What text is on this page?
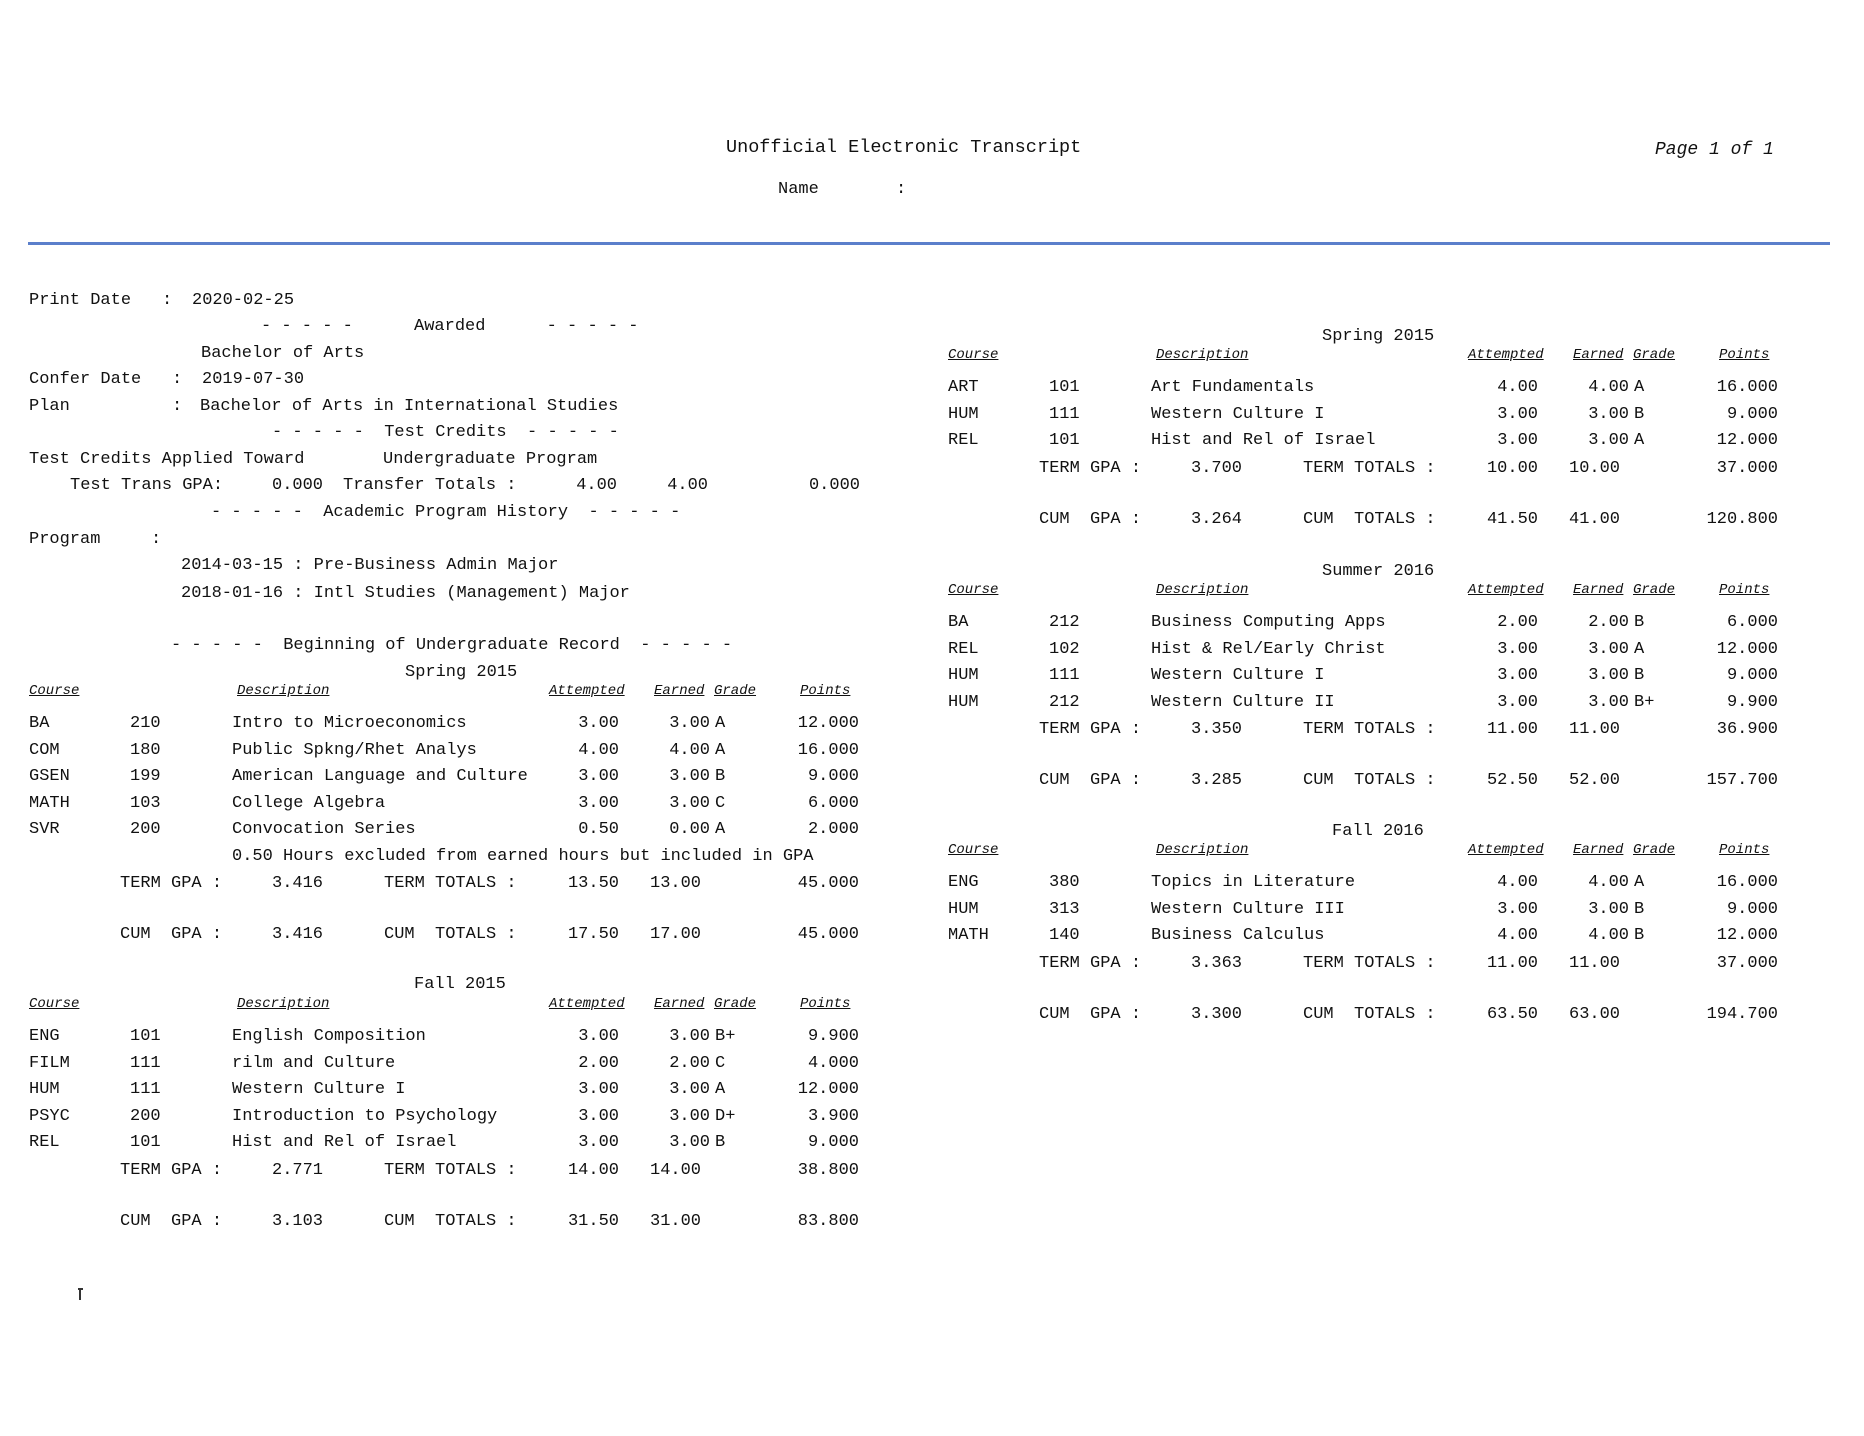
Unofficial Electronic Transcript	Page 1 of 1
Name	:
Print Date : 2020-02-25
- - - - -      Awarded      - - - - -
Bachelor of Arts
Confer Date : 2019-07-30
Plan	: Bachelor of Arts in International Studies
- - - - -  Test Credits  - - - - -
Test Credits Applied Toward	Undergraduate Program
Test Trans GPA:	0.000 Transfer Totals :	4.00	4.00	0.000
- - - - -  Academic Program History  - - - - -
Program	:
2014-03-15 : Pre-Business Admin Major
2018-01-16 : Intl Studies (Management) Major
- - - - -  Beginning of Undergraduate Record  - - - - -
Spring 2015
Course	Description	Attempted Earned Grade	Points
BA	210	Intro to Microeconomics	3.00	3.00 A	12.000
COM	180	Public Spkng/Rhet Analys	4.00	4.00 A	16.000
GSEN	199	American Language and Culture	3.00	3.00 B	9.000
MATH	103	College Algebra	3.00	3.00 C	6.000
SVR	200	Convocation Series	0.50	0.00 A	2.000
0.50 Hours excluded from earned hours but included in GPA
TERM GPA :	3.416	TERM TOTALS :	13.50 13.00	45.000
CUM  GPA :	3.416	CUM  TOTALS :	17.50 17.00	45.000
Fall 2015
Course	Description	Attempted Earned Grade	Points
ENG	101	English Composition	3.00	3.00 B+	9.900
FILM	111	rilm and Culture	2.00	2.00 C	4.000
HUM	111	Western Culture I	3.00	3.00 A	12.000
PSYC	200	Introduction to Psychology	3.00	3.00 D+	3.900
REL	101	Hist and Rel of Israel	3.00	3.00 B	9.000
TERM GPA :	2.771	TERM TOTALS :	14.00 14.00	38.800
CUM  GPA :	3.103	CUM  TOTALS :	31.50 31.00	83.800
Spring 2015
Course	Description	Attempted Earned Grade	Points
ART	101	Art Fundamentals	4.00	4.00 A	16.000
HUM	111	Western Culture I	3.00	3.00 B	9.000
REL	101	Hist and Rel of Israel	3.00	3.00 A	12.000
TERM GPA :	3.700	TERM TOTALS :	10.00 10.00	37.000
CUM  GPA :	3.264	CUM  TOTALS :	41.50 41.00	120.800
Summer 2016
Course	Description	Attempted Earned Grade	Points
BA	212	Business Computing Apps	2.00	2.00 B	6.000
REL	102	Hist & Rel/Early Christ	3.00	3.00 A	12.000
HUM	111	Western Culture I	3.00	3.00 B	9.000
HUM	212	Western Culture II	3.00	3.00 B+	9.900
TERM GPA :	3.350	TERM TOTALS :	11.00 11.00	36.900
CUM  GPA :	3.285	CUM  TOTALS :	52.50 52.00	157.700
Fall 2016
Course	Description	Attempted Earned Grade	Points
ENG	380	Topics in Literature	4.00	4.00 A	16.000
HUM	313	Western Culture III	3.00	3.00 B	9.000
MATH	140	Business Calculus	4.00	4.00 B	12.000
TERM GPA :	3.363	TERM TOTALS :	11.00 11.00	37.000
CUM  GPA :	3.300	CUM  TOTALS :	63.50 63.00	194.700
